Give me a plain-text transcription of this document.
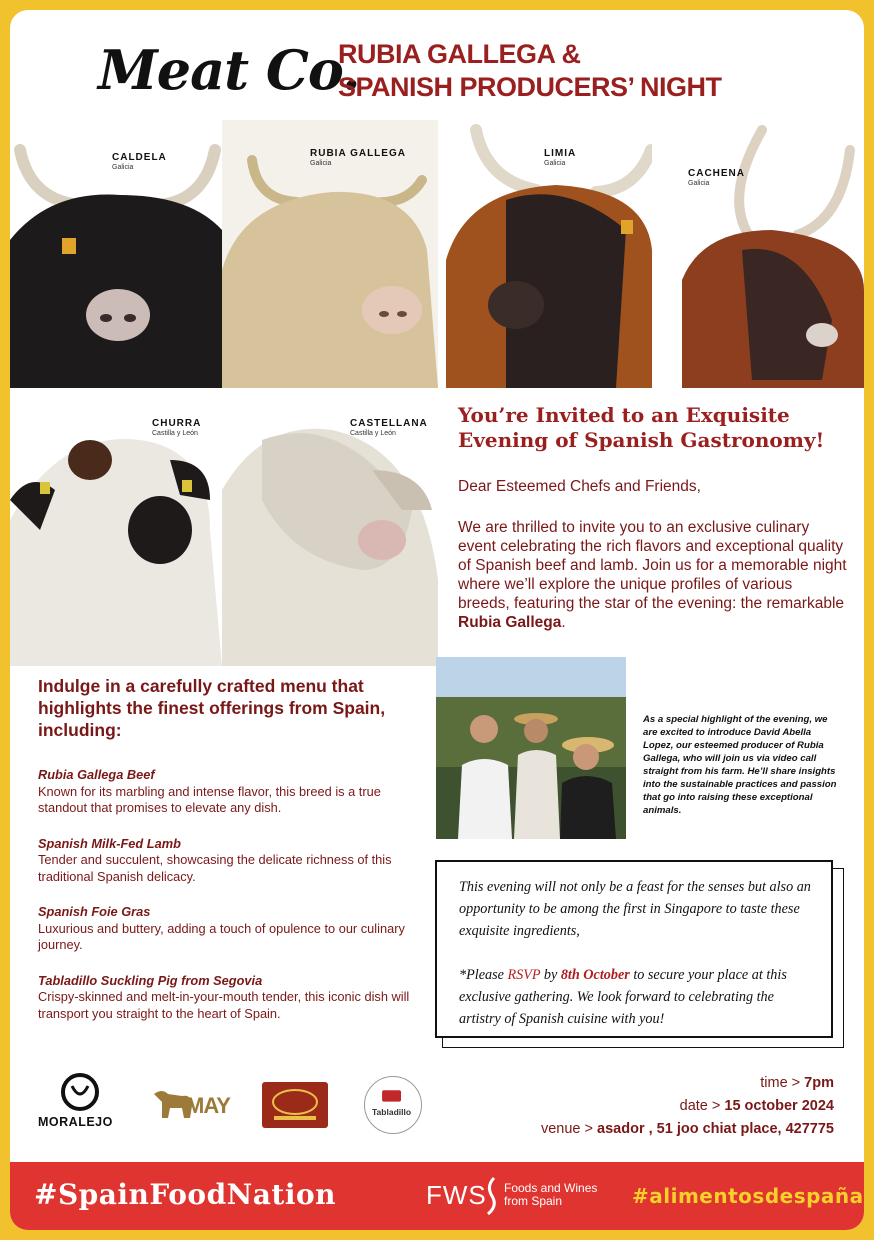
Meat Co.
RUBIA GALLEGA &
SPANISH PRODUCERS’ NIGHT
CALDELA
Galicia
RUBIA GALLEGA
Galicia
LIMIA
Galicia
CACHENA
Galicia
CHURRA
Castilla y León
CASTELLANA
Castilla y León
You’re Invited to an Exquisite
Evening of Spanish Gastronomy!

Dear Esteemed Chefs and Friends,

We are thrilled to invite you to an exclusive culinary event celebrating the rich flavors and exceptional quality of Spanish beef and lamb. Join us for a memorable night where we’ll explore the unique profiles of various breeds, featuring the star of the evening: the remarkable Rubia Gallega.

Indulge in a carefully crafted menu that highlights the finest offerings from Spain, including:
Rubia Gallega Beef
Known for its marbling and intense flavor, this breed is a true standout that promises to elevate any dish.
Spanish Milk-Fed Lamb
Tender and succulent, showcasing the delicate richness of this traditional Spanish delicacy.
Spanish Foie Gras
Luxurious and buttery, adding a touch of opulence to our culinary journey.
Tabladillo Suckling Pig from Segovia
Crispy-skinned and melt-in-your-mouth tender, this iconic dish will transport you straight to the heart of Spain.
As a special highlight of the evening, we are excited to introduce David Abella Lopez, our esteemed producer of Rubia Gallega, who will join us via video call straight from his farm. He’ll share insights into the sustainable practices and passion that go into raising these exceptional animals.

This evening will not only be a feast for the senses but also an opportunity to be among the first in Singapore to taste these exquisite ingredients,

*Please RSVP by 8th October to secure your place at this exclusive gathering. We look forward to celebrating the artistry of Spanish cuisine with you!

MORALEJO
MAY	Tabladillo
time > 7pm
date > 15 october 2024
venue > asador , 51 joo chiat place, 427775
#SpainFoodNation	FWS Foods and Wines
from Spain	#alimentosdespaña
